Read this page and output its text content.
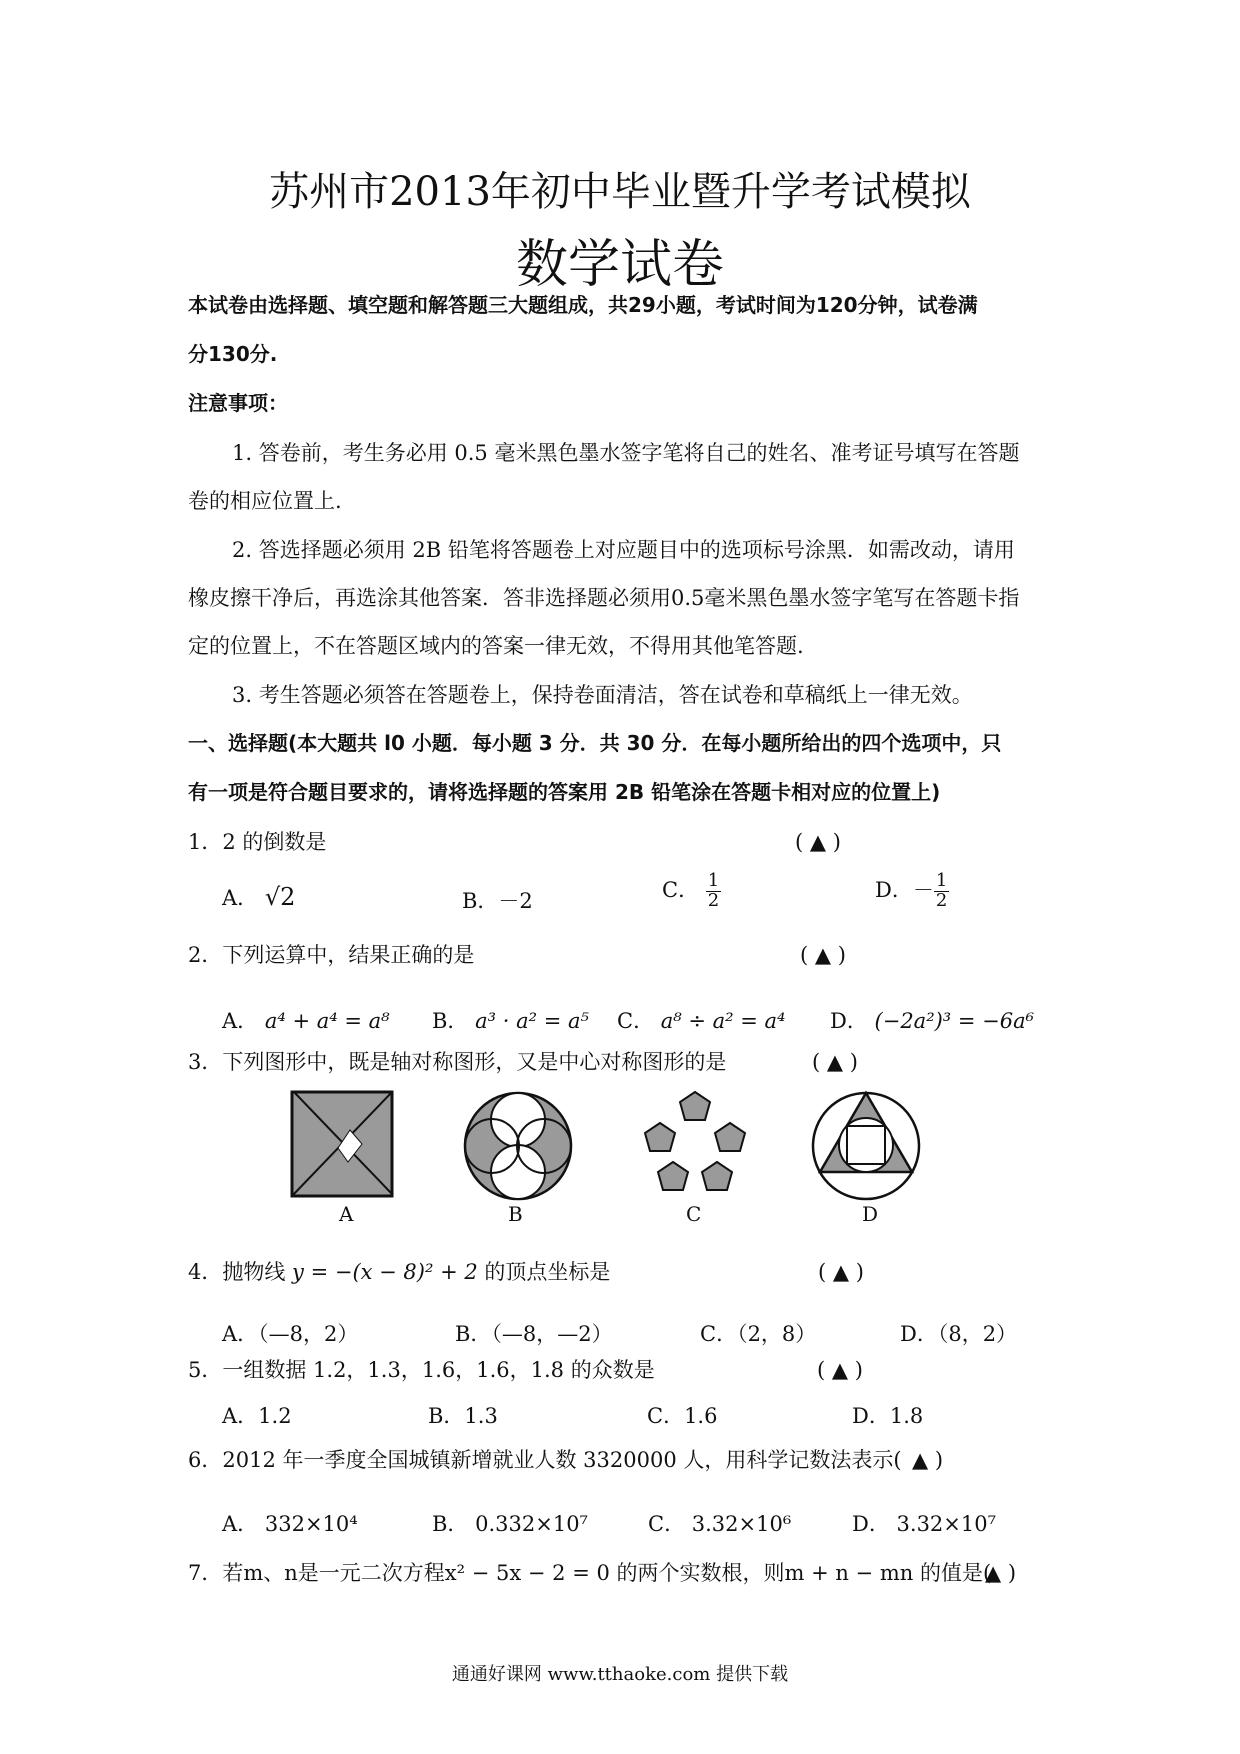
苏州市2013年初中毕业暨升学考试模拟
数学试卷
本试卷由选择题、填空题和解答题三大题组成，共29小题，考试时间为120分钟，试卷满
分130分.
注意事项：
1. 答卷前，考生务必用 0.5 毫米黑色墨水签字笔将自己的姓名、准考证号填写在答题
卷的相应位置上.
2. 答选择题必须用 2B 铅笔将答题卷上对应题目中的选项标号涂黑．如需改动，请用
橡皮擦干净后，再选涂其他答案．答非选择题必须用0.5毫米黑色墨水签字笔写在答题卡指
定的位置上，不在答题区域内的答案一律无效，不得用其他笔答题.
3. 考生答题必须答在答题卷上，保持卷面清洁，答在试卷和草稿纸上一律无效。
一、选择题(本大题共 l0 小题．每小题 3 分．共 30 分．在每小题所给出的四个选项中，只
有一项是符合题目要求的，请将选择题的答案用 2B 铅笔涂在答题卡相对应的位置上)
1．2 的倒数是	( ▲ )
A． √2	B．－2	C． $\frac{1}{2}$	D．－ $\frac{1}{2}$
2．下列运算中，结果正确的是	( ▲ )
A． a⁴ + a⁴ = a⁸ B． a³ · a² = a⁵ C． a⁸ ÷ a² = a⁴ D． (−2a²)³ = −6a⁶
3．下列图形中，既是轴对称图形，又是中心对称图形的是	( ▲ )
A	B	C	D
4．抛物线 y = −(x − 8)² + 2 的顶点坐标是	( ▲ )
A．（—8，2）	B．（—8，—2）	C．（2，8）	D．（8，2）
5．一组数据 1.2，1.3，1.6，1.6，1.8 的众数是	( ▲ )
A．1.2	B．1.3	C．1.6	D．1.8
6．2012 年一季度全国城镇新增就业人数 3320000 人，用科学记数法表示( ▲ )
A． 332×10⁴	B． 0.332×10⁷	C． 3.32×10⁶	D． 3.32×10⁷
7．若m、n是一元二次方程x² − 5x − 2 = 0 的两个实数根，则m + n − mn 的值是(
▲ )
通通好课网 www.tthaoke.com 提供下载
